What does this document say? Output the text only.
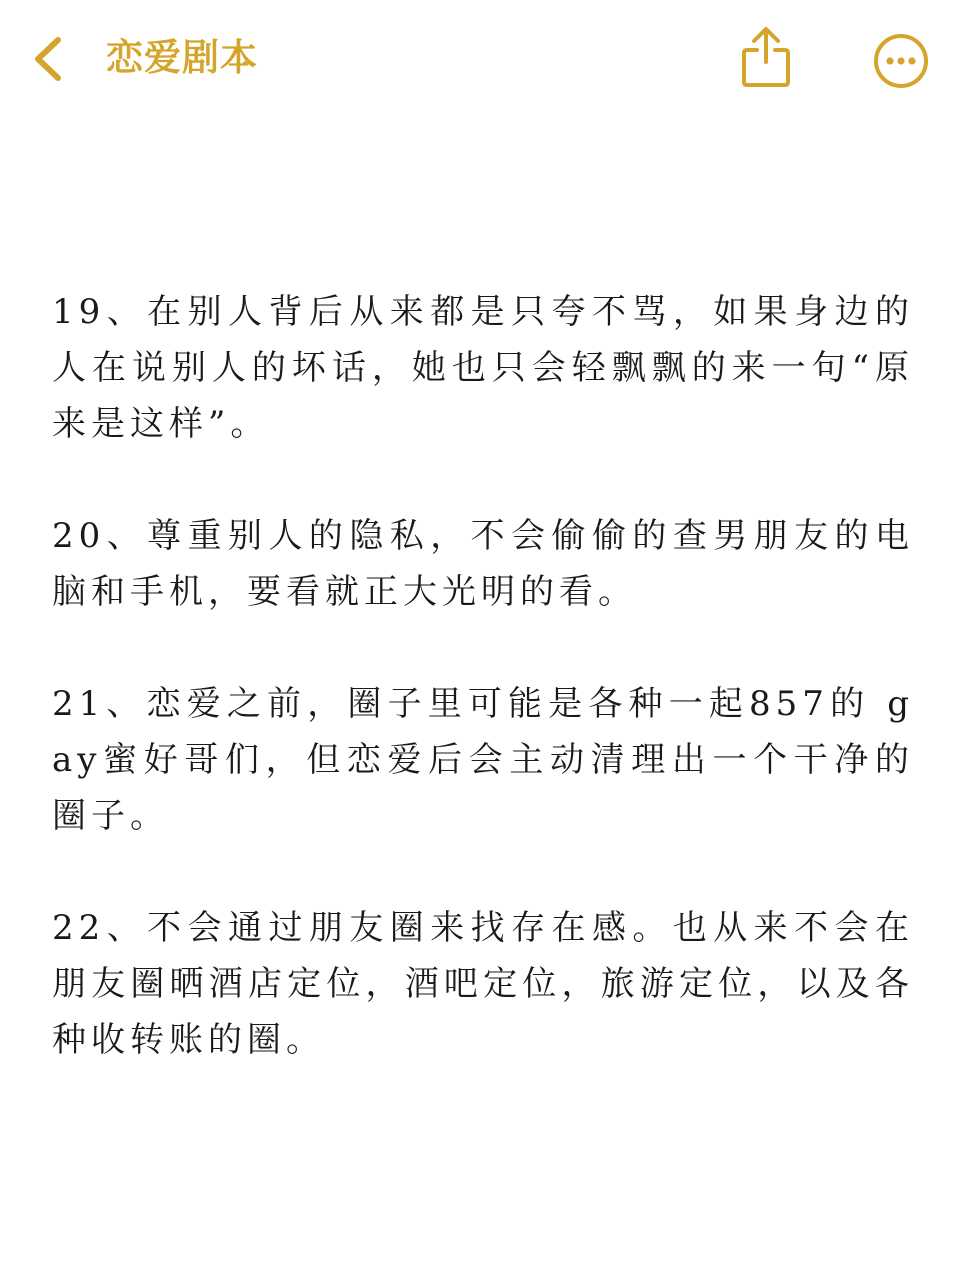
恋爱剧本

19、在别人背后从来都是只夸不骂，如果身边的人在说别人的坏话，她也只会轻飘飘的来一句“原来是这样”。

20、尊重别人的隐私，不会偷偷的查男朋友的电脑和手机，要看就正大光明的看。

21、恋爱之前，圈子里可能是各种一起857的 gay蜜好哥们，但恋爱后会主动清理出一个干净的圈子。

22、不会通过朋友圈来找存在感。也从来不会在朋友圈晒酒店定位，酒吧定位，旅游定位，以及各种收转账的圈。
